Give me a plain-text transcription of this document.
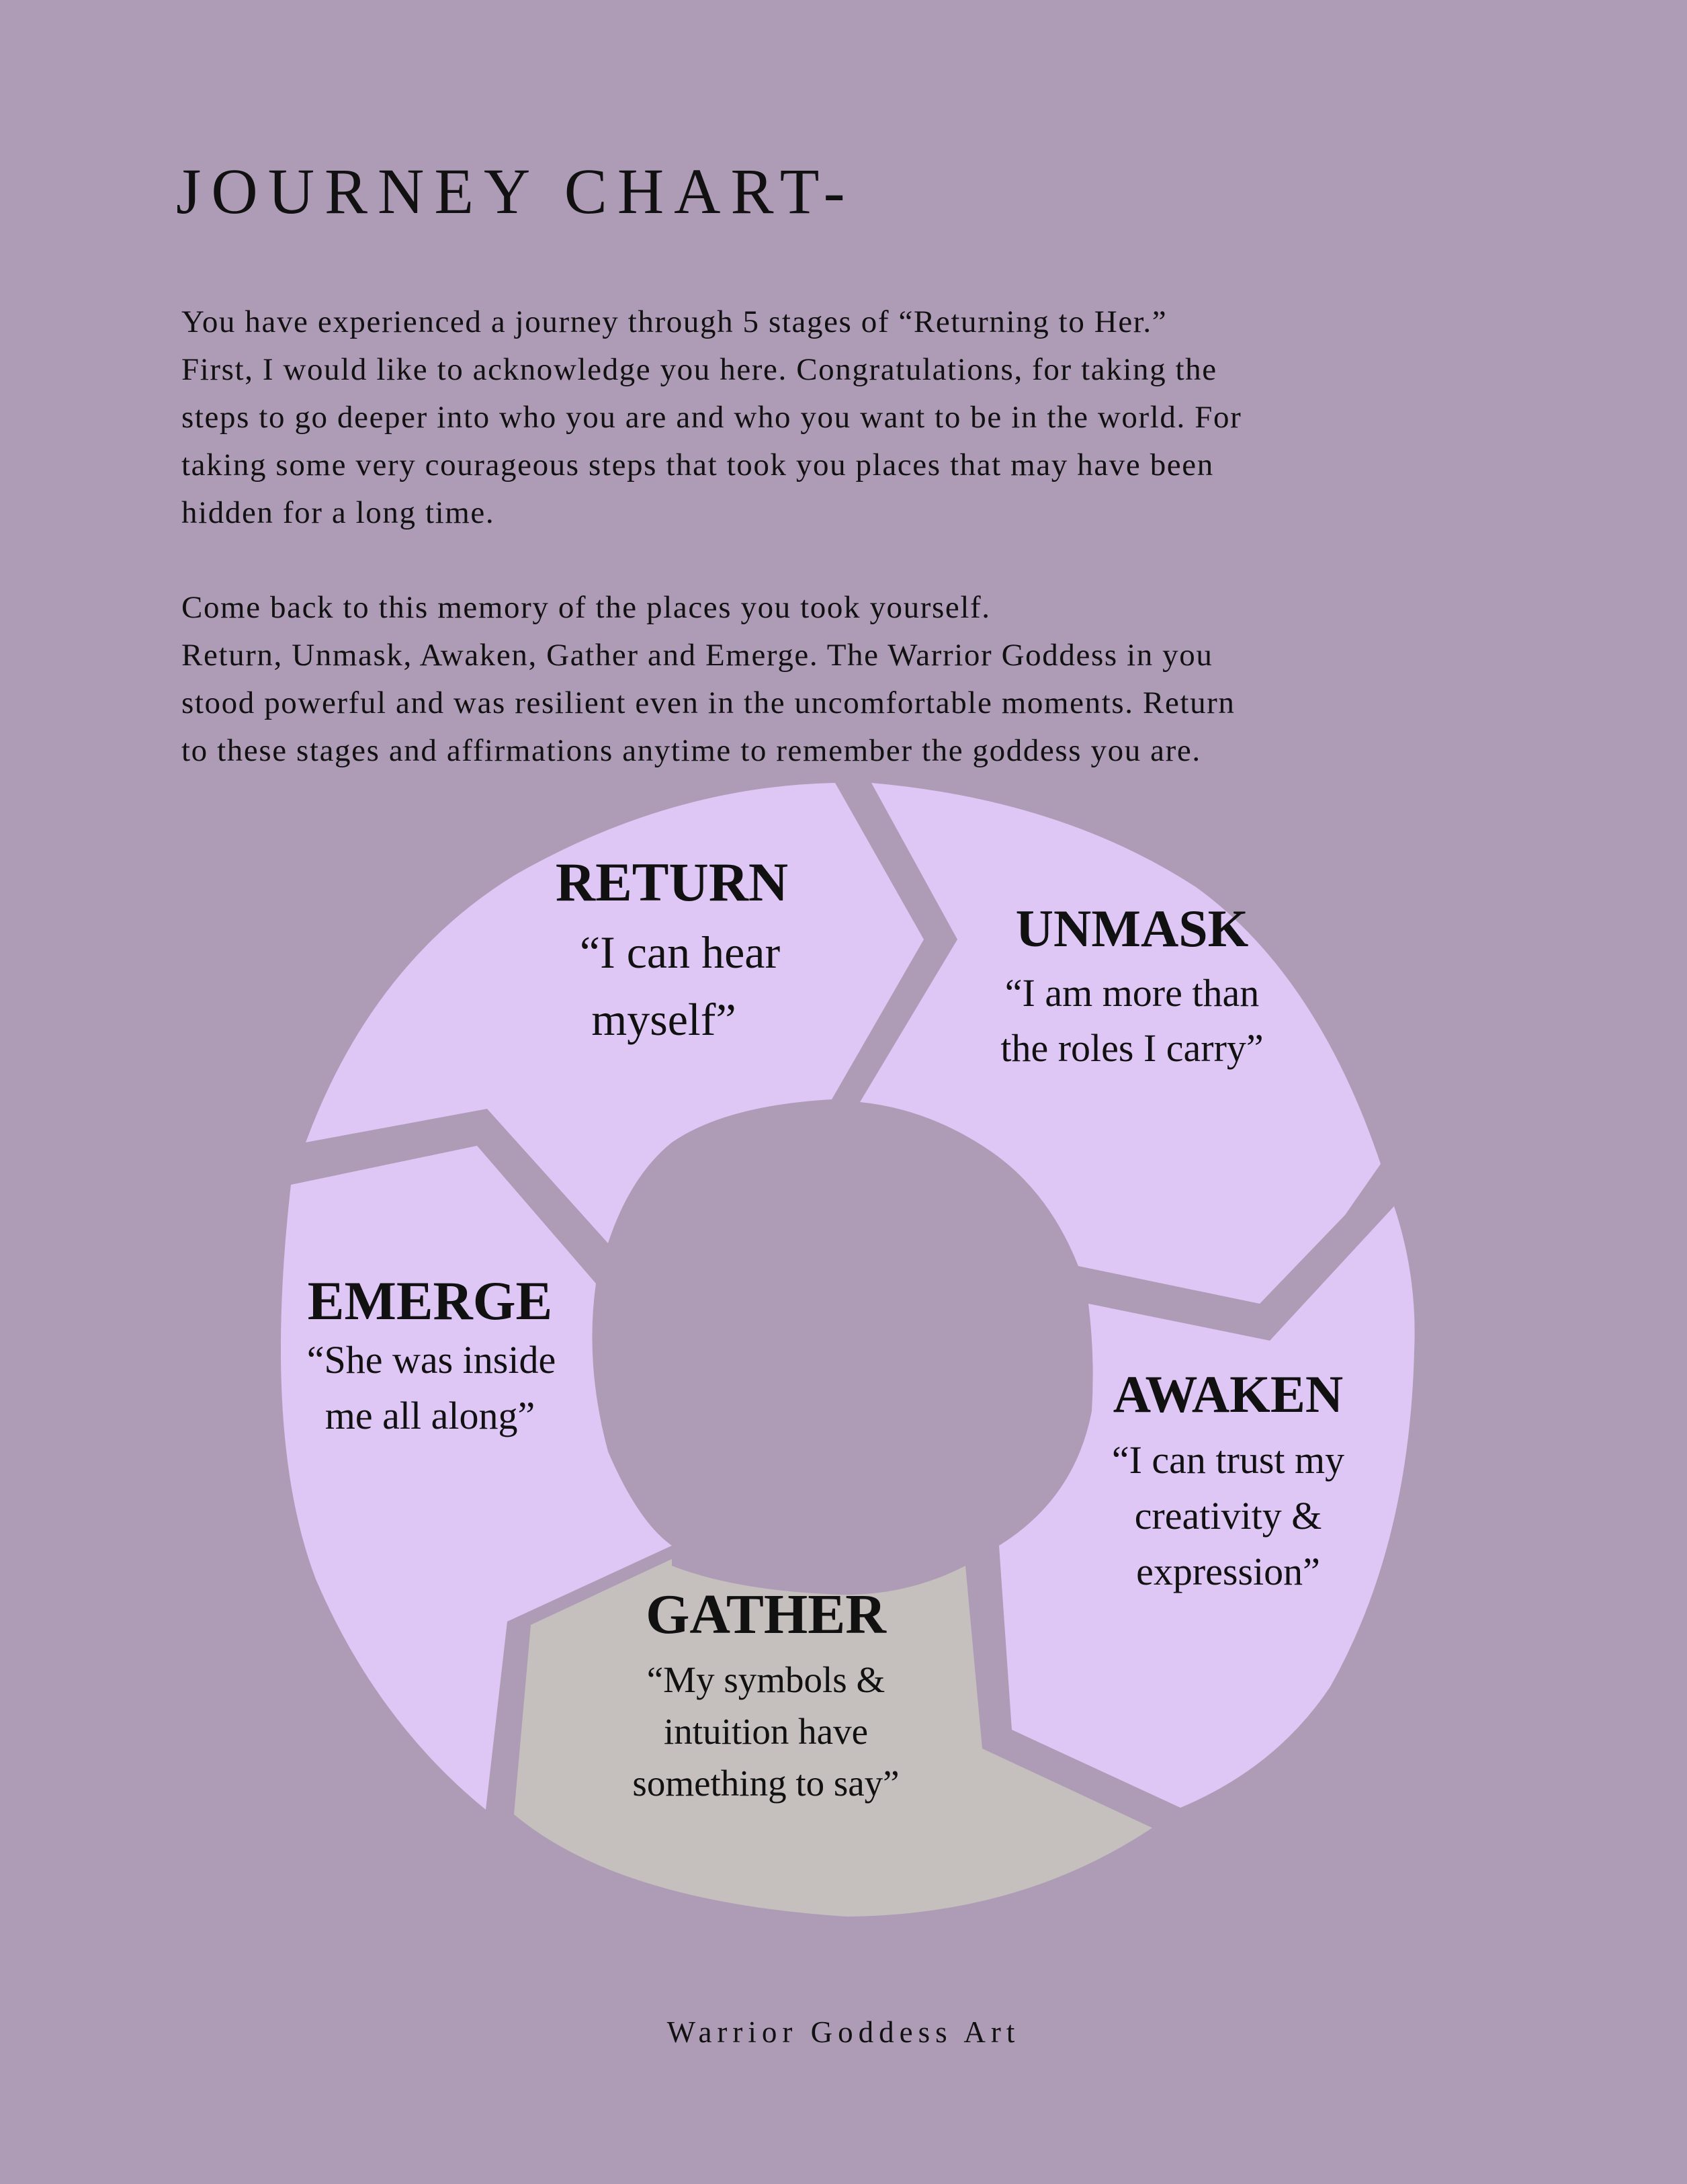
JOURNEY CHART-
You have experienced a journey through 5 stages of “Returning to Her.”
First, I would like to acknowledge you here. Congratulations, for taking the
steps to go deeper into who you are and who you want to be in the world. For
taking some very courageous steps that took you places that may have been
hidden for a long time.
Come back to this memory of the places you took yourself.
Return, Unmask, Awaken, Gather and Emerge. The Warrior Goddess in you
stood powerful and was resilient even in the uncomfortable moments. Return
to these stages and affirmations anytime to remember the goddess you are.
RETURN
“I can hear
myself”
UNMASK
“I am more than
the roles I carry”
AWAKEN
“I can trust my
creativity &
expression”
GATHER
“My symbols &
intuition have
something to say”
EMERGE
“She was inside
me all along”
Warrior Goddess Art
